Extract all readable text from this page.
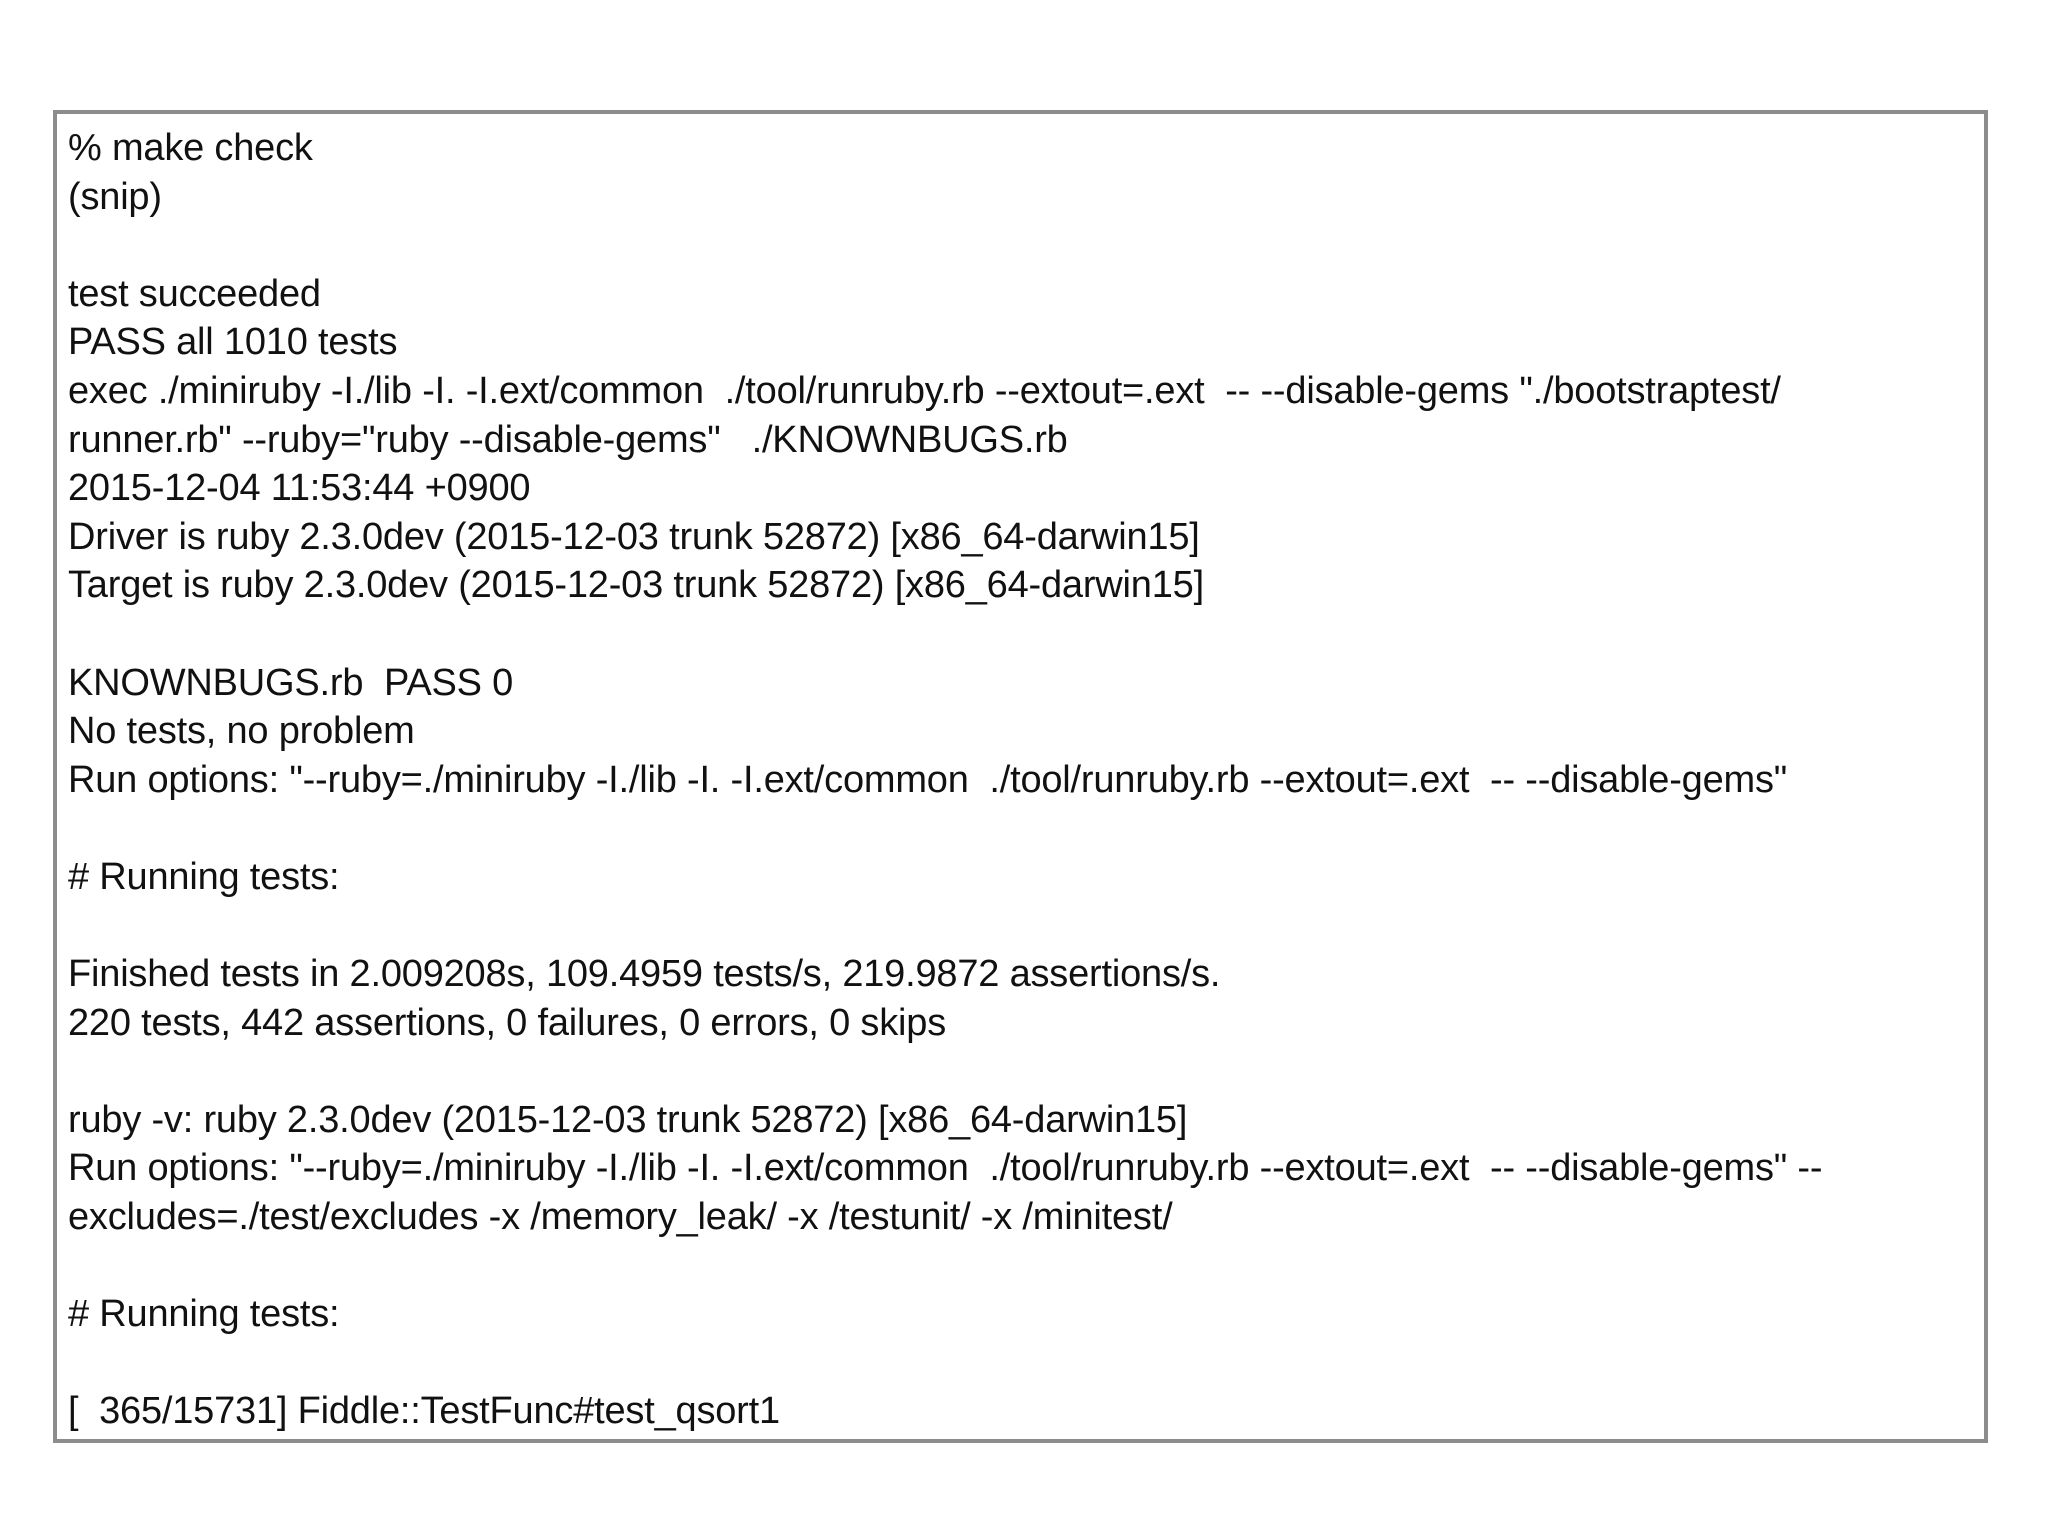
% make check
(snip)
test succeeded
PASS all 1010 tests
exec ./miniruby -I./lib -I. -I.ext/common  ./tool/runruby.rb --extout=.ext  -- --disable-gems "./bootstraptest/
runner.rb" --ruby="ruby --disable-gems"   ./KNOWNBUGS.rb
2015-12-04 11:53:44 +0900
Driver is ruby 2.3.0dev (2015-12-03 trunk 52872) [x86_64-darwin15]
Target is ruby 2.3.0dev (2015-12-03 trunk 52872) [x86_64-darwin15]
KNOWNBUGS.rb  PASS 0
No tests, no problem
Run options: "--ruby=./miniruby -I./lib -I. -I.ext/common  ./tool/runruby.rb --extout=.ext  -- --disable-gems"
# Running tests:
Finished tests in 2.009208s, 109.4959 tests/s, 219.9872 assertions/s.
220 tests, 442 assertions, 0 failures, 0 errors, 0 skips
ruby -v: ruby 2.3.0dev (2015-12-03 trunk 52872) [x86_64-darwin15]
Run options: "--ruby=./miniruby -I./lib -I. -I.ext/common  ./tool/runruby.rb --extout=.ext  -- --disable-gems" --
excludes=./test/excludes -x /memory_leak/ -x /testunit/ -x /minitest/
# Running tests:
[  365/15731] Fiddle::TestFunc#test_qsort1
